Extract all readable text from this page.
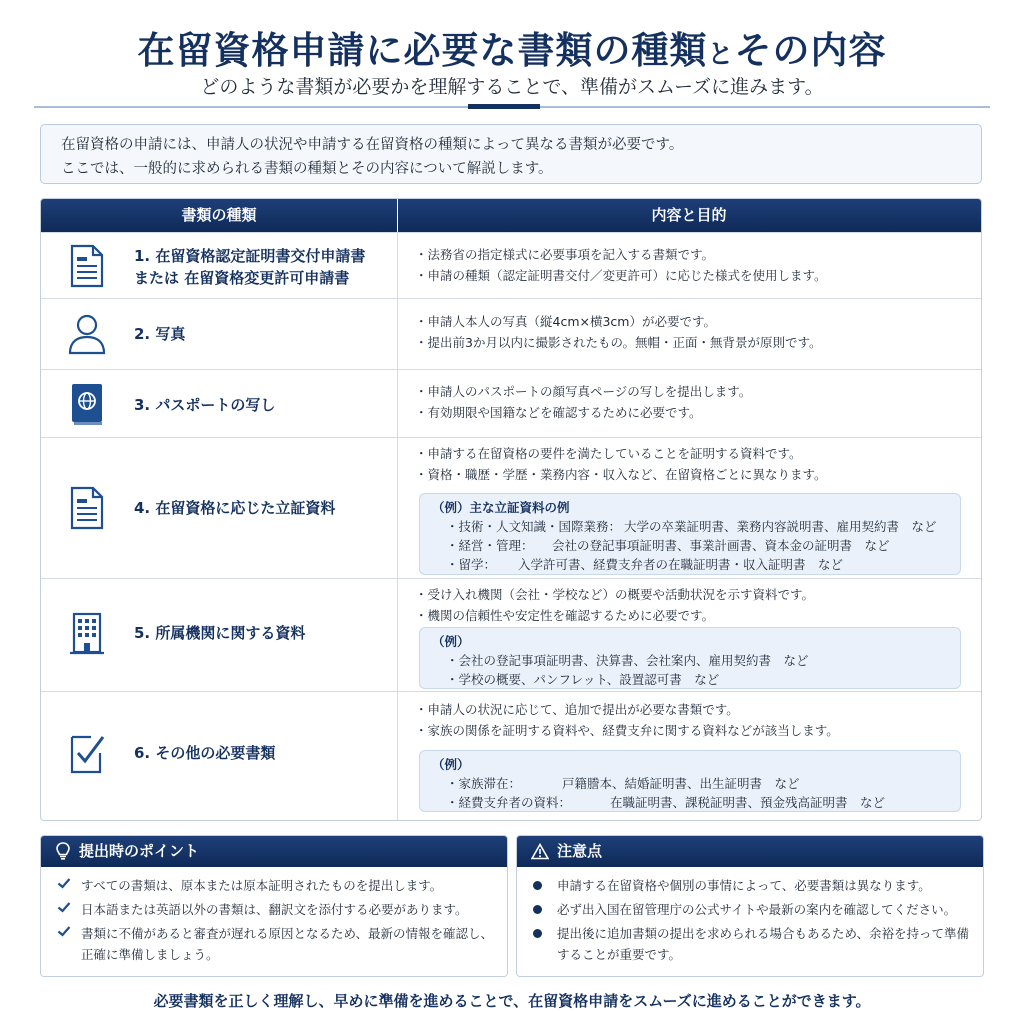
在留資格申請に必要な書類の種類とその内容
どのような書類が必要かを理解することで、準備がスムーズに進みます。
在留資格の申請には、申請人の状況や申請する在留資格の種類によって異なる書類が必要です。
ここでは、一般的に求められる書類の種類とその内容について解説します。
書類の種類	内容と目的
1. 在留資格認定証明書交付申請書
または 在留資格変更許可申請書
・法務省の指定様式に必要事項を記入する書類です。
・申請の種類（認定証明書交付／変更許可）に応じた様式を使用します。
2. 写真
・申請人本人の写真（縦4cm×横3cm）が必要です。
・提出前3か月以内に撮影されたもの。無帽・正面・無背景が原則です。
3. パスポートの写し
・申請人のパスポートの顔写真ページの写しを提出します。
・有効期限や国籍などを確認するために必要です。
4. 在留資格に応じた立証資料
・申請する在留資格の要件を満たしていることを証明する資料です。
・資格・職歴・学歴・業務内容・収入など、在留資格ごとに異なります。
（例）主な立証資料の例
・技術・人文知識・国際業務： 大学の卒業証明書、業務内容説明書、雇用契約書　など
・経営・管理： 会社の登記事項証明書、事業計画書、資本金の証明書　など
・留学： 入学許可書、経費支弁者の在職証明書・収入証明書　など
5. 所属機関に関する資料
・受け入れ機関（会社・学校など）の概要や活動状況を示す資料です。
・機関の信頼性や安定性を確認するために必要です。
（例）
・会社の登記事項証明書、決算書、会社案内、雇用契約書　など
・学校の概要、パンフレット、設置認可書　など
6. その他の必要書類
・申請人の状況に応じて、追加で提出が必要な書類です。
・家族の関係を証明する資料や、経費支弁に関する資料などが該当します。
（例）
・家族滞在：	戸籍謄本、結婚証明書、出生証明書　など
・経費支弁者の資料：	在職証明書、課税証明書、預金残高証明書　など
提出時のポイント
すべての書類は、原本または原本証明されたものを提出します。
日本語または英語以外の書類は、翻訳文を添付する必要があります。
書類に不備があると審査が遅れる原因となるため、最新の情報を確認し、正確に準備しましょう。
注意点
申請する在留資格や個別の事情によって、必要書類は異なります。
必ず出入国在留管理庁の公式サイトや最新の案内を確認してください。
提出後に追加書類の提出を求められる場合もあるため、余裕を持って準備することが重要です。
必要書類を正しく理解し、早めに準備を進めることで、在留資格申請をスムーズに進めることができます。
